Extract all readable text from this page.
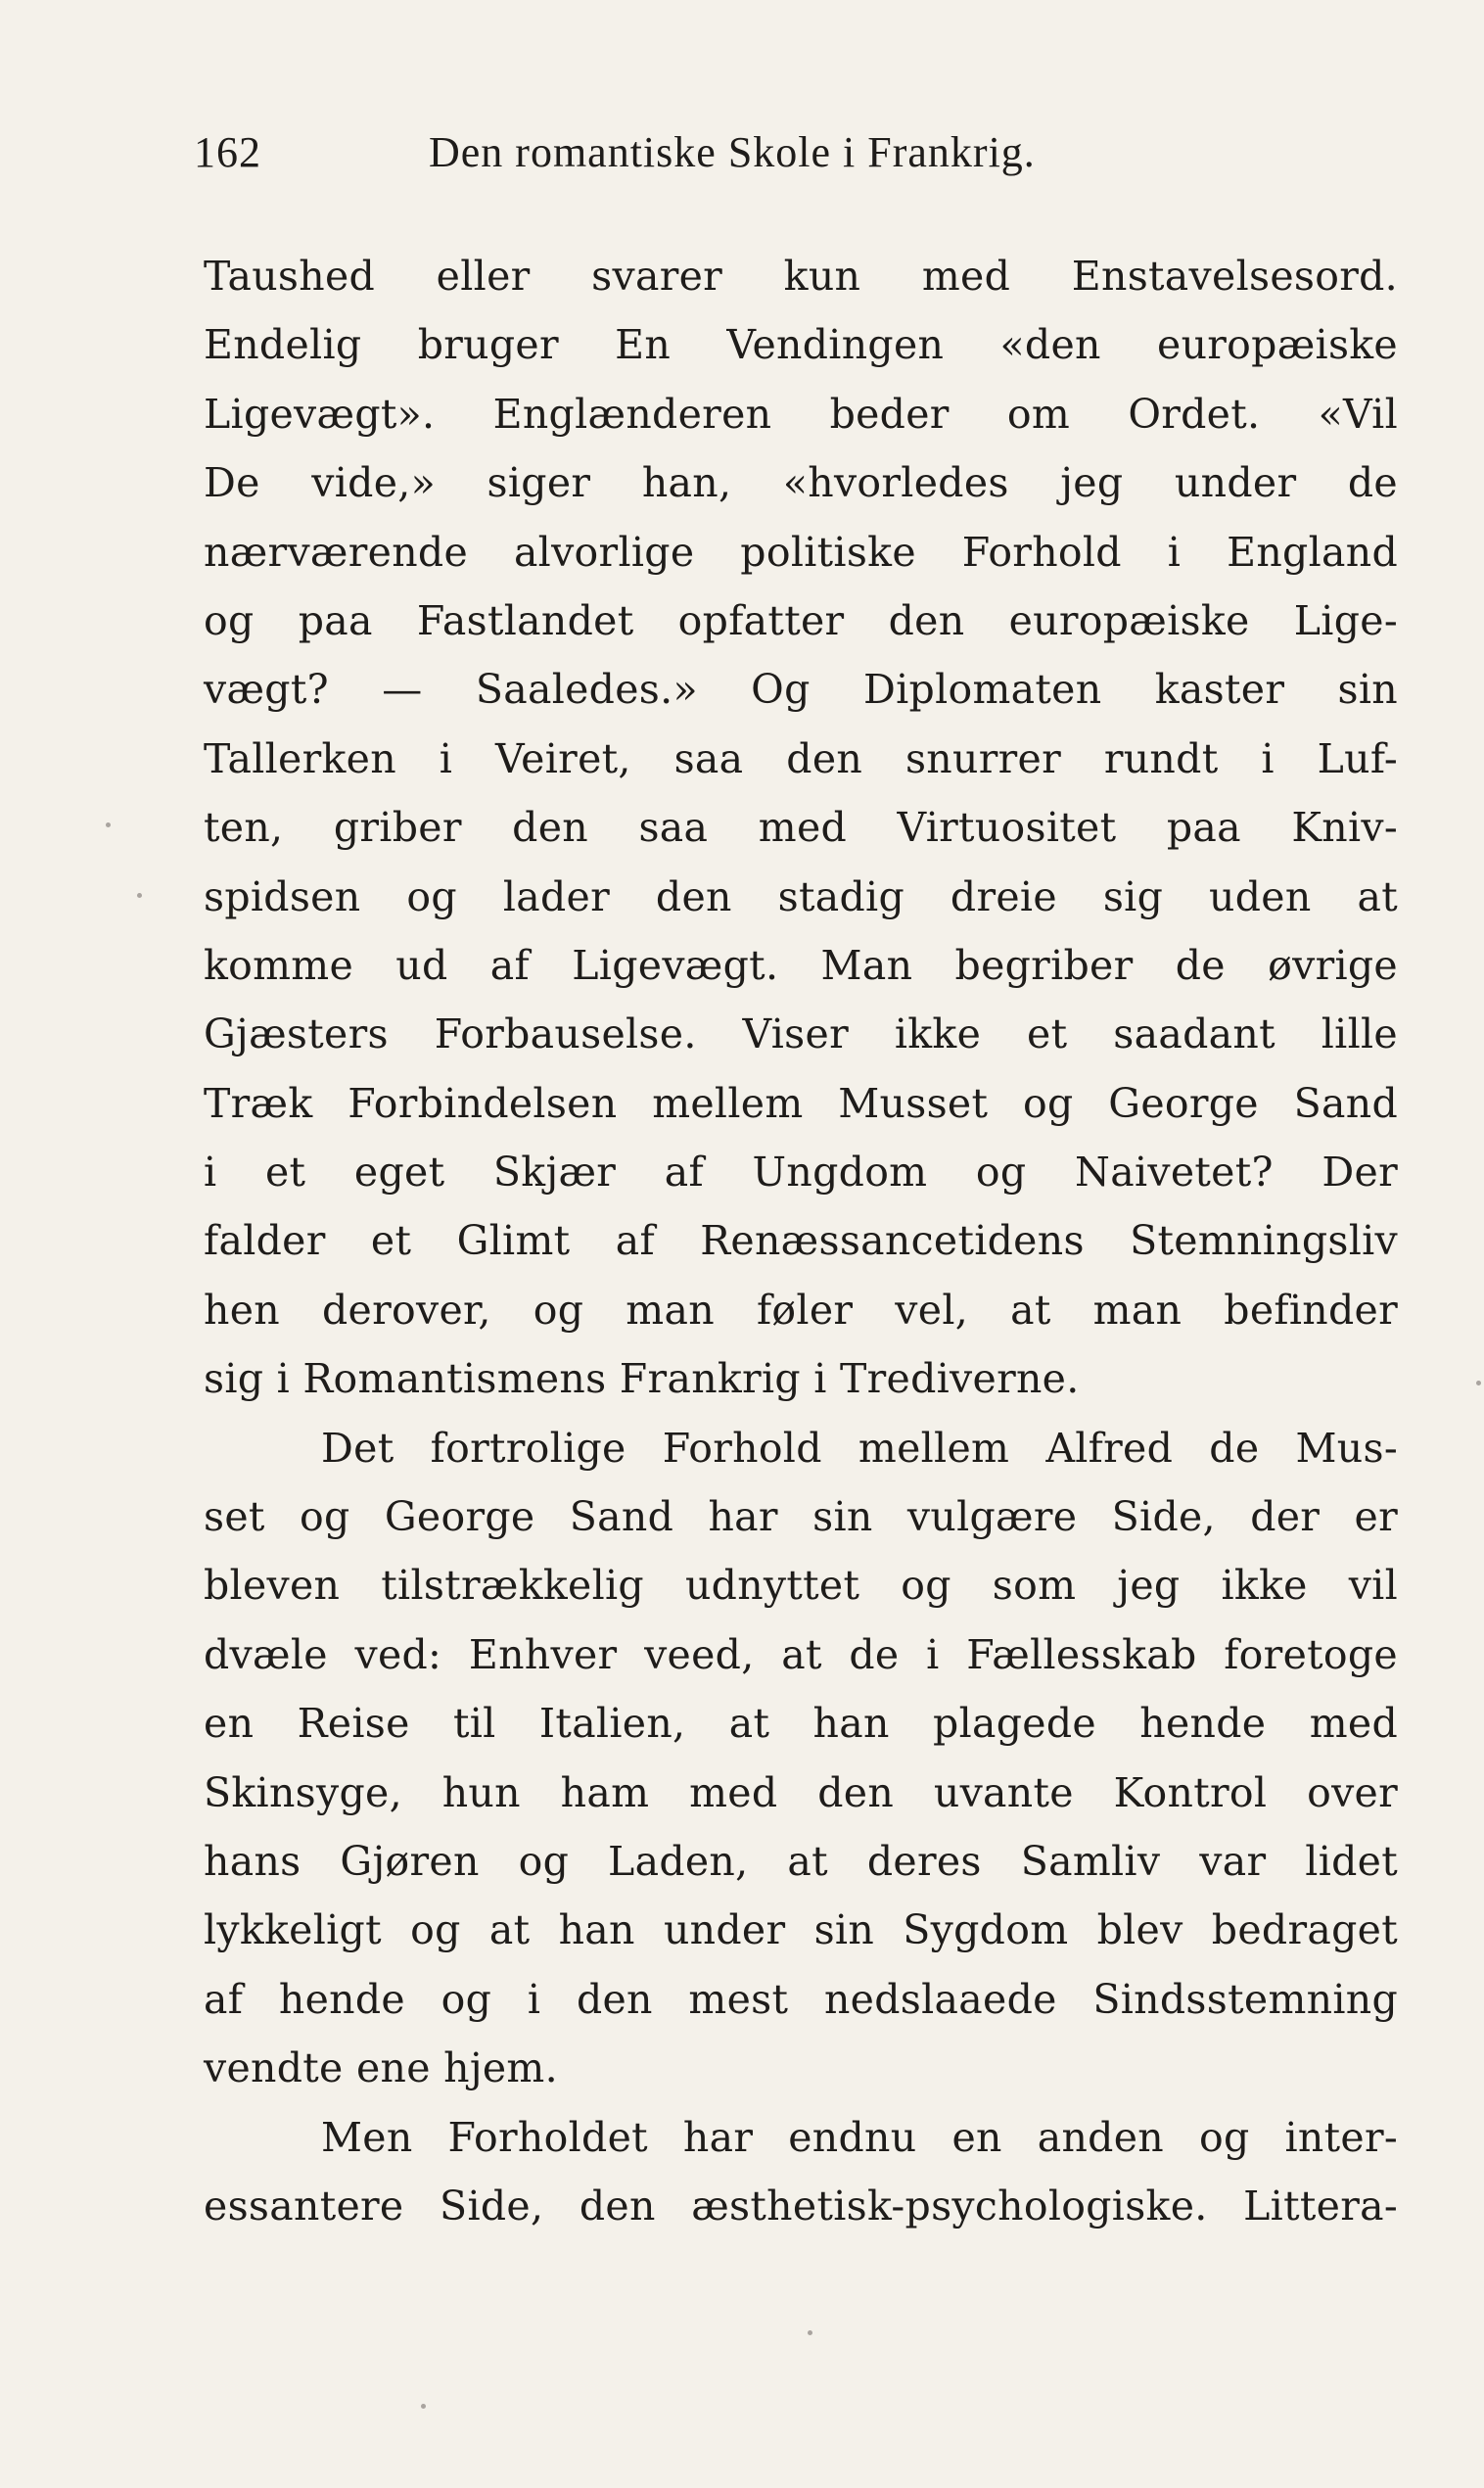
162	Den romantiske Skole i Frankrig.
Taushed eller svarer kun med Enstavelsesord.
Endelig bruger En Vendingen «den europæiske
Ligevægt». Englænderen beder om Ordet. «Vil
De vide,» siger han, «hvorledes jeg under de
nærværende alvorlige politiske Forhold i England
og paa Fastlandet opfatter den europæiske Lige-
vægt? — Saaledes.» Og Diplomaten kaster sin
Tallerken i Veiret, saa den snurrer rundt i Luf-
ten, griber den saa med Virtuositet paa Kniv-
spidsen og lader den stadig dreie sig uden at
komme ud af Ligevægt. Man begriber de øvrige
Gjæsters Forbauselse. Viser ikke et saadant lille
Træk Forbindelsen mellem Musset og George Sand
i et eget Skjær af Ungdom og Naivetet? Der
falder et Glimt af Renæssancetidens Stemningsliv
hen derover, og man føler vel, at man befinder
sig i Romantismens Frankrig i Trediverne.
Det fortrolige Forhold mellem Alfred de Mus-
set og George Sand har sin vulgære Side, der er
bleven tilstrækkelig udnyttet og som jeg ikke vil
dvæle ved: Enhver veed, at de i Fællesskab foretoge
en Reise til Italien, at han plagede hende med
Skinsyge, hun ham med den uvante Kontrol over
hans Gjøren og Laden, at deres Samliv var lidet
lykkeligt og at han under sin Sygdom blev bedraget
af hende og i den mest nedslaaede Sindsstemning
vendte ene hjem.
Men Forholdet har endnu en anden og inter-
essantere Side, den æsthetisk-psychologiske. Littera-
